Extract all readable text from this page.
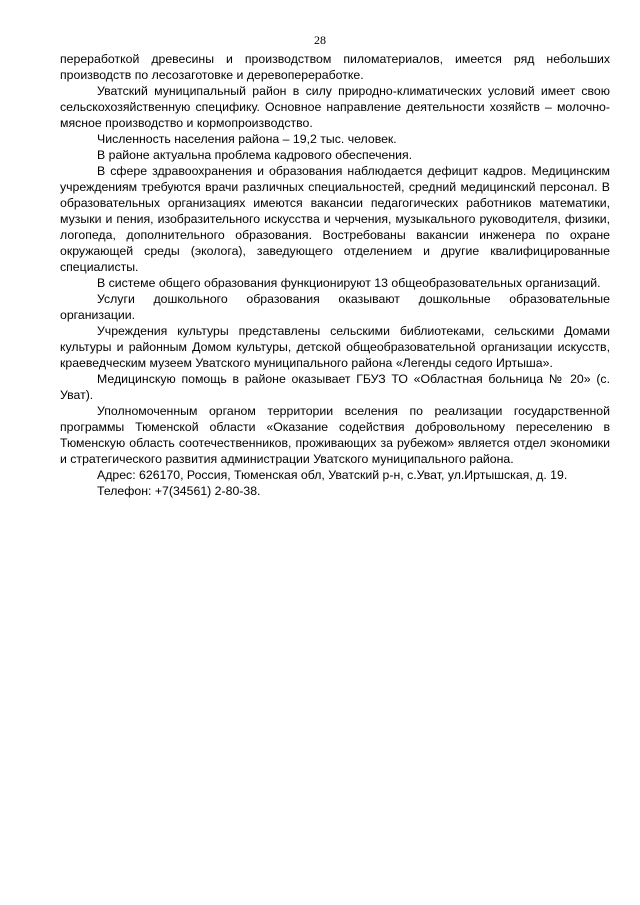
28

переработкой древесины и производством пиломатериалов, имеется ряд небольших производств по лесозаготовке и деревопереработке.

Уватский муниципальный район в силу природно-климатических условий имеет свою сельскохозяйственную специфику. Основное направление деятельности хозяйств – молочно-мясное производство и кормопроизводство.

Численность населения района – 19,2 тыс. человек.

В районе актуальна проблема кадрового обеспечения.

В сфере здравоохранения и образования наблюдается дефицит кадров. Медицинским учреждениям требуются врачи различных специальностей, средний медицинский персонал. В образовательных организациях имеются вакансии педагогических работников математики, музыки и пения, изобразительного искусства и черчения, музыкального руководителя, физики, логопеда, дополнительного образования. Востребованы вакансии инженера по охране окружающей среды (эколога), заведующего отделением и другие квалифицированные специалисты.

В системе общего образования функционируют 13 общеобразовательных организаций.

Услуги дошкольного образования оказывают дошкольные образовательные организации.

Учреждения культуры представлены сельскими библиотеками, сельскими Домами культуры и районным Домом культуры, детской общеобразовательной организации искусств, краеведческим музеем Уватского муниципального района «Легенды седого Иртыша».

Медицинскую помощь в районе оказывает ГБУЗ ТО «Областная больница № 20» (с. Уват).

Уполномоченным органом территории вселения по реализации государственной программы Тюменской области «Оказание содействия добровольному переселению в Тюменскую область соотечественников, проживающих за рубежом» является отдел экономики и стратегического развития администрации Уватского муниципального района.

Адрес: 626170, Россия, Тюменская обл, Уватский р-н, с.Уват, ул.Иртышская, д. 19.

Телефон: +7(34561) 2-80-38.
